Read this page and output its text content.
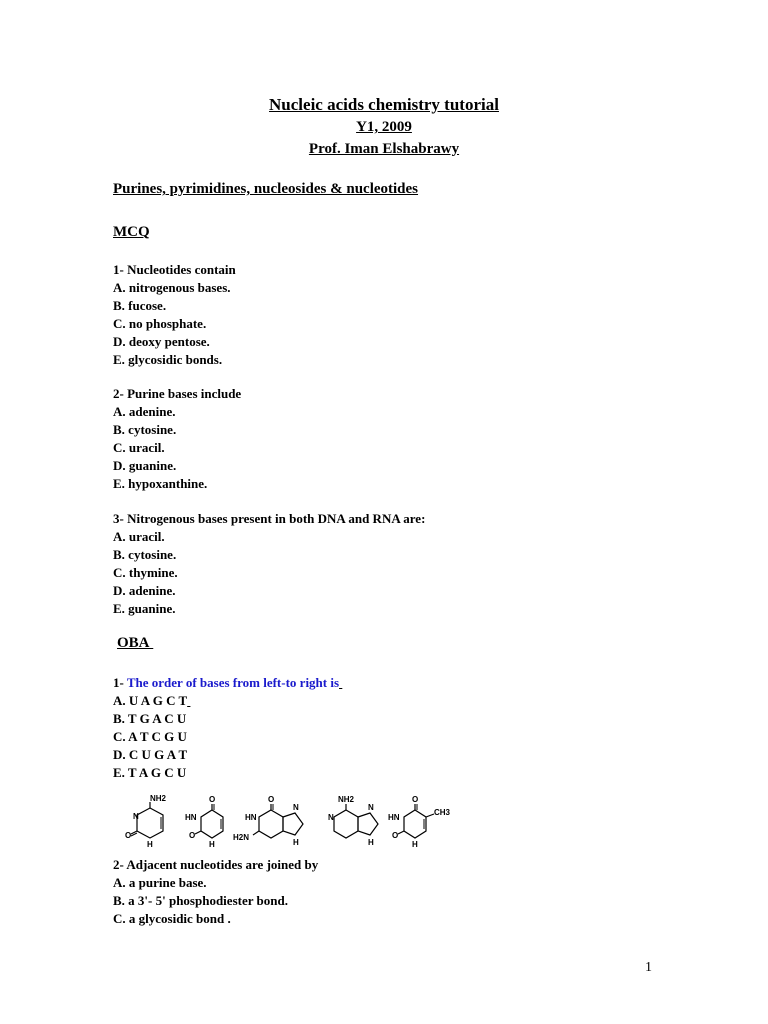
Nucleic acids chemistry tutorial
Y1, 2009
Prof. Iman Elshabrawy
Purines, pyrimidines, nucleosides & nucleotides
MCQ
1- Nucleotides contain
A. nitrogenous bases.
B. fucose.
C. no phosphate.
D. deoxy pentose.
E. glycosidic bonds.
2- Purine bases include
A. adenine.
B. cytosine.
C. uracil.
D. guanine.
E. hypoxanthine.
3- Nitrogenous bases present in both DNA and RNA are:
A. uracil.
B. cytosine.
C. thymine.
D. adenine.
E. guanine.
OBA
1- The order of bases from left-to right is
A. U A G C T
B. T G A C U
C. A T C G U
D. C U G A T
E. T A G C U
NH2
O
N
H
O
HN
O
H
O
HN
H2N
N
H
NH2
N
N
H
O
CH3
HN
O
H
2- Adjacent nucleotides are joined by
A. a purine base.
B. a 3'- 5' phosphodiester bond.
C. a glycosidic bond .
1
